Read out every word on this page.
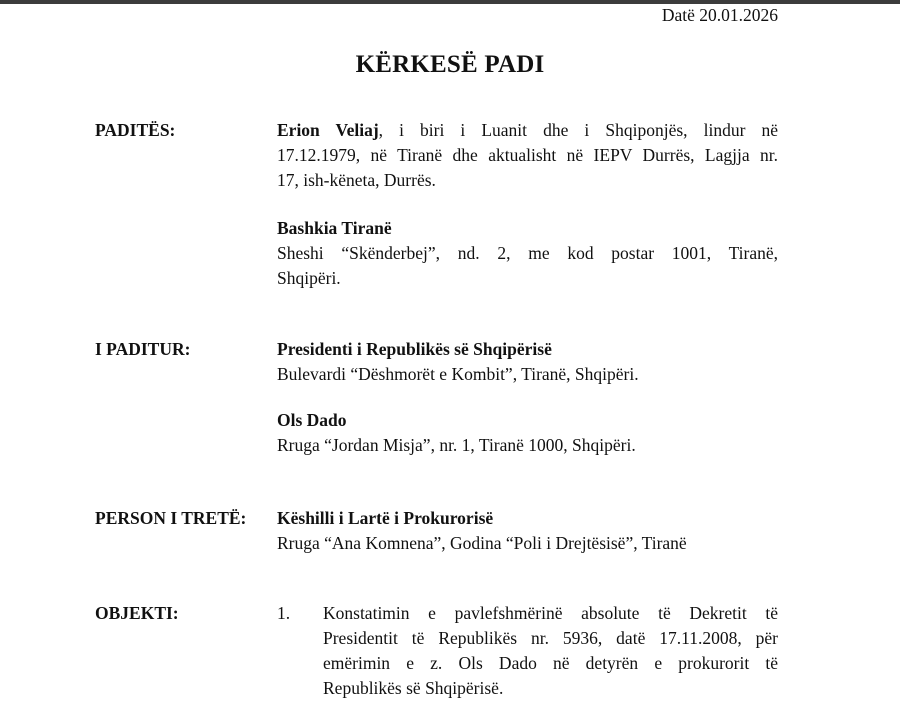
Datë 20.01.2026
KËRKESË PADI
PADITËS:	Erion Veliaj, i biri i Luanit dhe i Shqiponjës, lindur në
17.12.1979, në Tiranë dhe aktualisht në IEPV Durrës, Lagjja nr.
17, ish-këneta, Durrës.
Bashkia Tiranë
Sheshi “Skënderbej”, nd. 2, me kod postar 1001, Tiranë,
Shqipëri.
I PADITUR:	Presidenti i Republikës së Shqipërisë
Bulevardi “Dëshmorët e Kombit”, Tiranë, Shqipëri.
Ols Dado
Rruga “Jordan Misja”, nr. 1, Tiranë 1000, Shqipëri.
PERSON I TRETË: Këshilli i Lartë i Prokurorisë
Rruga “Ana Komnena”, Godina “Poli i Drejtësisë”, Tiranë
OBJEKTI:	1. Konstatimin e pavlefshmërinë absolute të Dekretit të
Presidentit të Republikës nr. 5936, datë 17.11.2008, për
emërimin e z. Ols Dado në detyrën e prokurorit të
Republikës së Shqipërisë.
